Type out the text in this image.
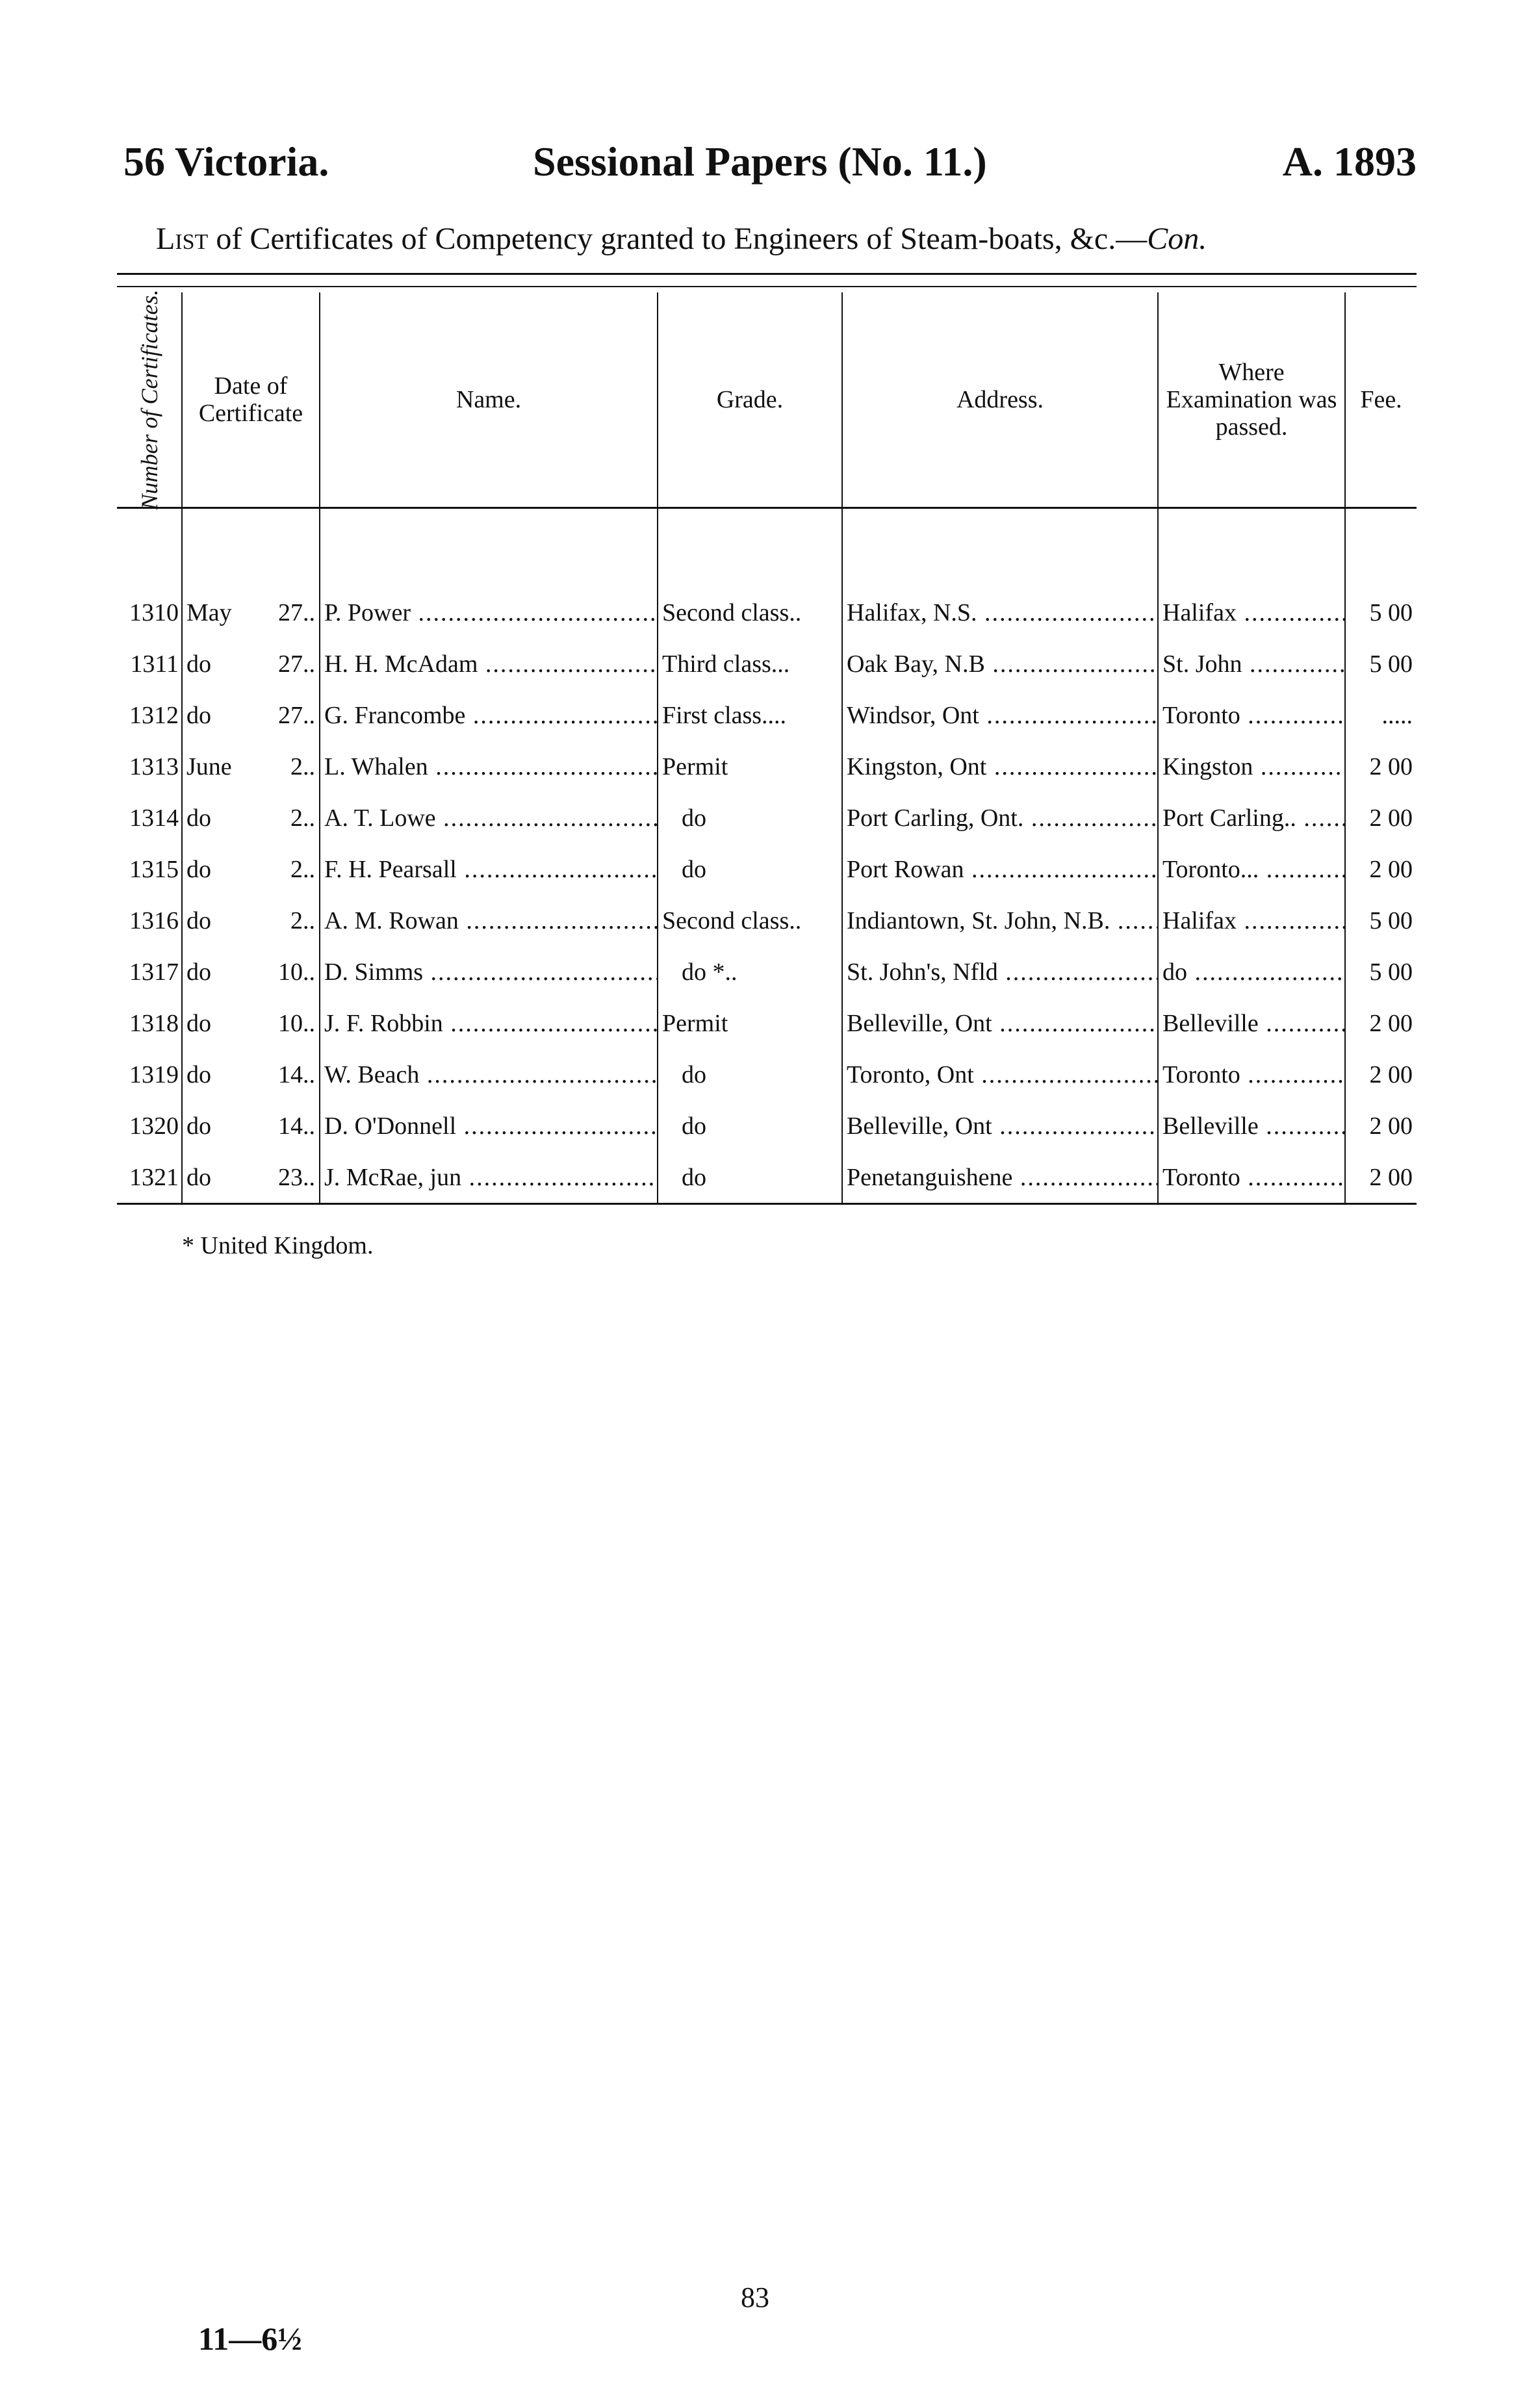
56 Victoria.	Sessional Papers (No. 11.)	A. 1893
List of Certificates of Competency granted to Engineers of Steam-boats, &c.—Con.
Number of Certificates.	Date of Certificate	Name.	Grade.	Address.	Where Examination was passed.	Fee.
1310	May 27..	P. Power .....	Second class..	Halifax, N.S. .....	Halifax .....	5 00
1311	do 27..	H. H. McAdam .....	Third class...	Oak Bay, N.B .....	St. John .....	5 00
1312	do 27..	G. Francombe .....	First class....	Windsor, Ont .....	Toronto .....	.....
1313	June 2..	L. Whalen .....	Permit	Kingston, Ont .....	Kingston .....	2 00
1314	do 2..	A. T. Lowe .....	do	Port Carling, Ont. .....	Port Carling.. .....	2 00
1315	do 2..	F. H. Pearsall .....	do	Port Rowan .....	Toronto... .....	2 00
1316	do 2..	A. M. Rowan .....	Second class..	Indiantown, St. John, N.B. .....	Halifax .....	5 00
1317	do 10..	D. Simms .....	do *..	St. John's, Nfld .....	do .....	5 00
1318	do 10..	J. F. Robbin .....	Permit	Belleville, Ont .....	Belleville .....	2 00
1319	do 14..	W. Beach .....	do	Toronto, Ont .....	Toronto .....	2 00
1320	do 14..	D. O'Donnell .....	do	Belleville, Ont .....	Belleville .....	2 00
1321	do 23..	J. McRae, jun .....	do	Penetanguishene .....	Toronto .....	2 00
* United Kingdom.
83
11—6½
